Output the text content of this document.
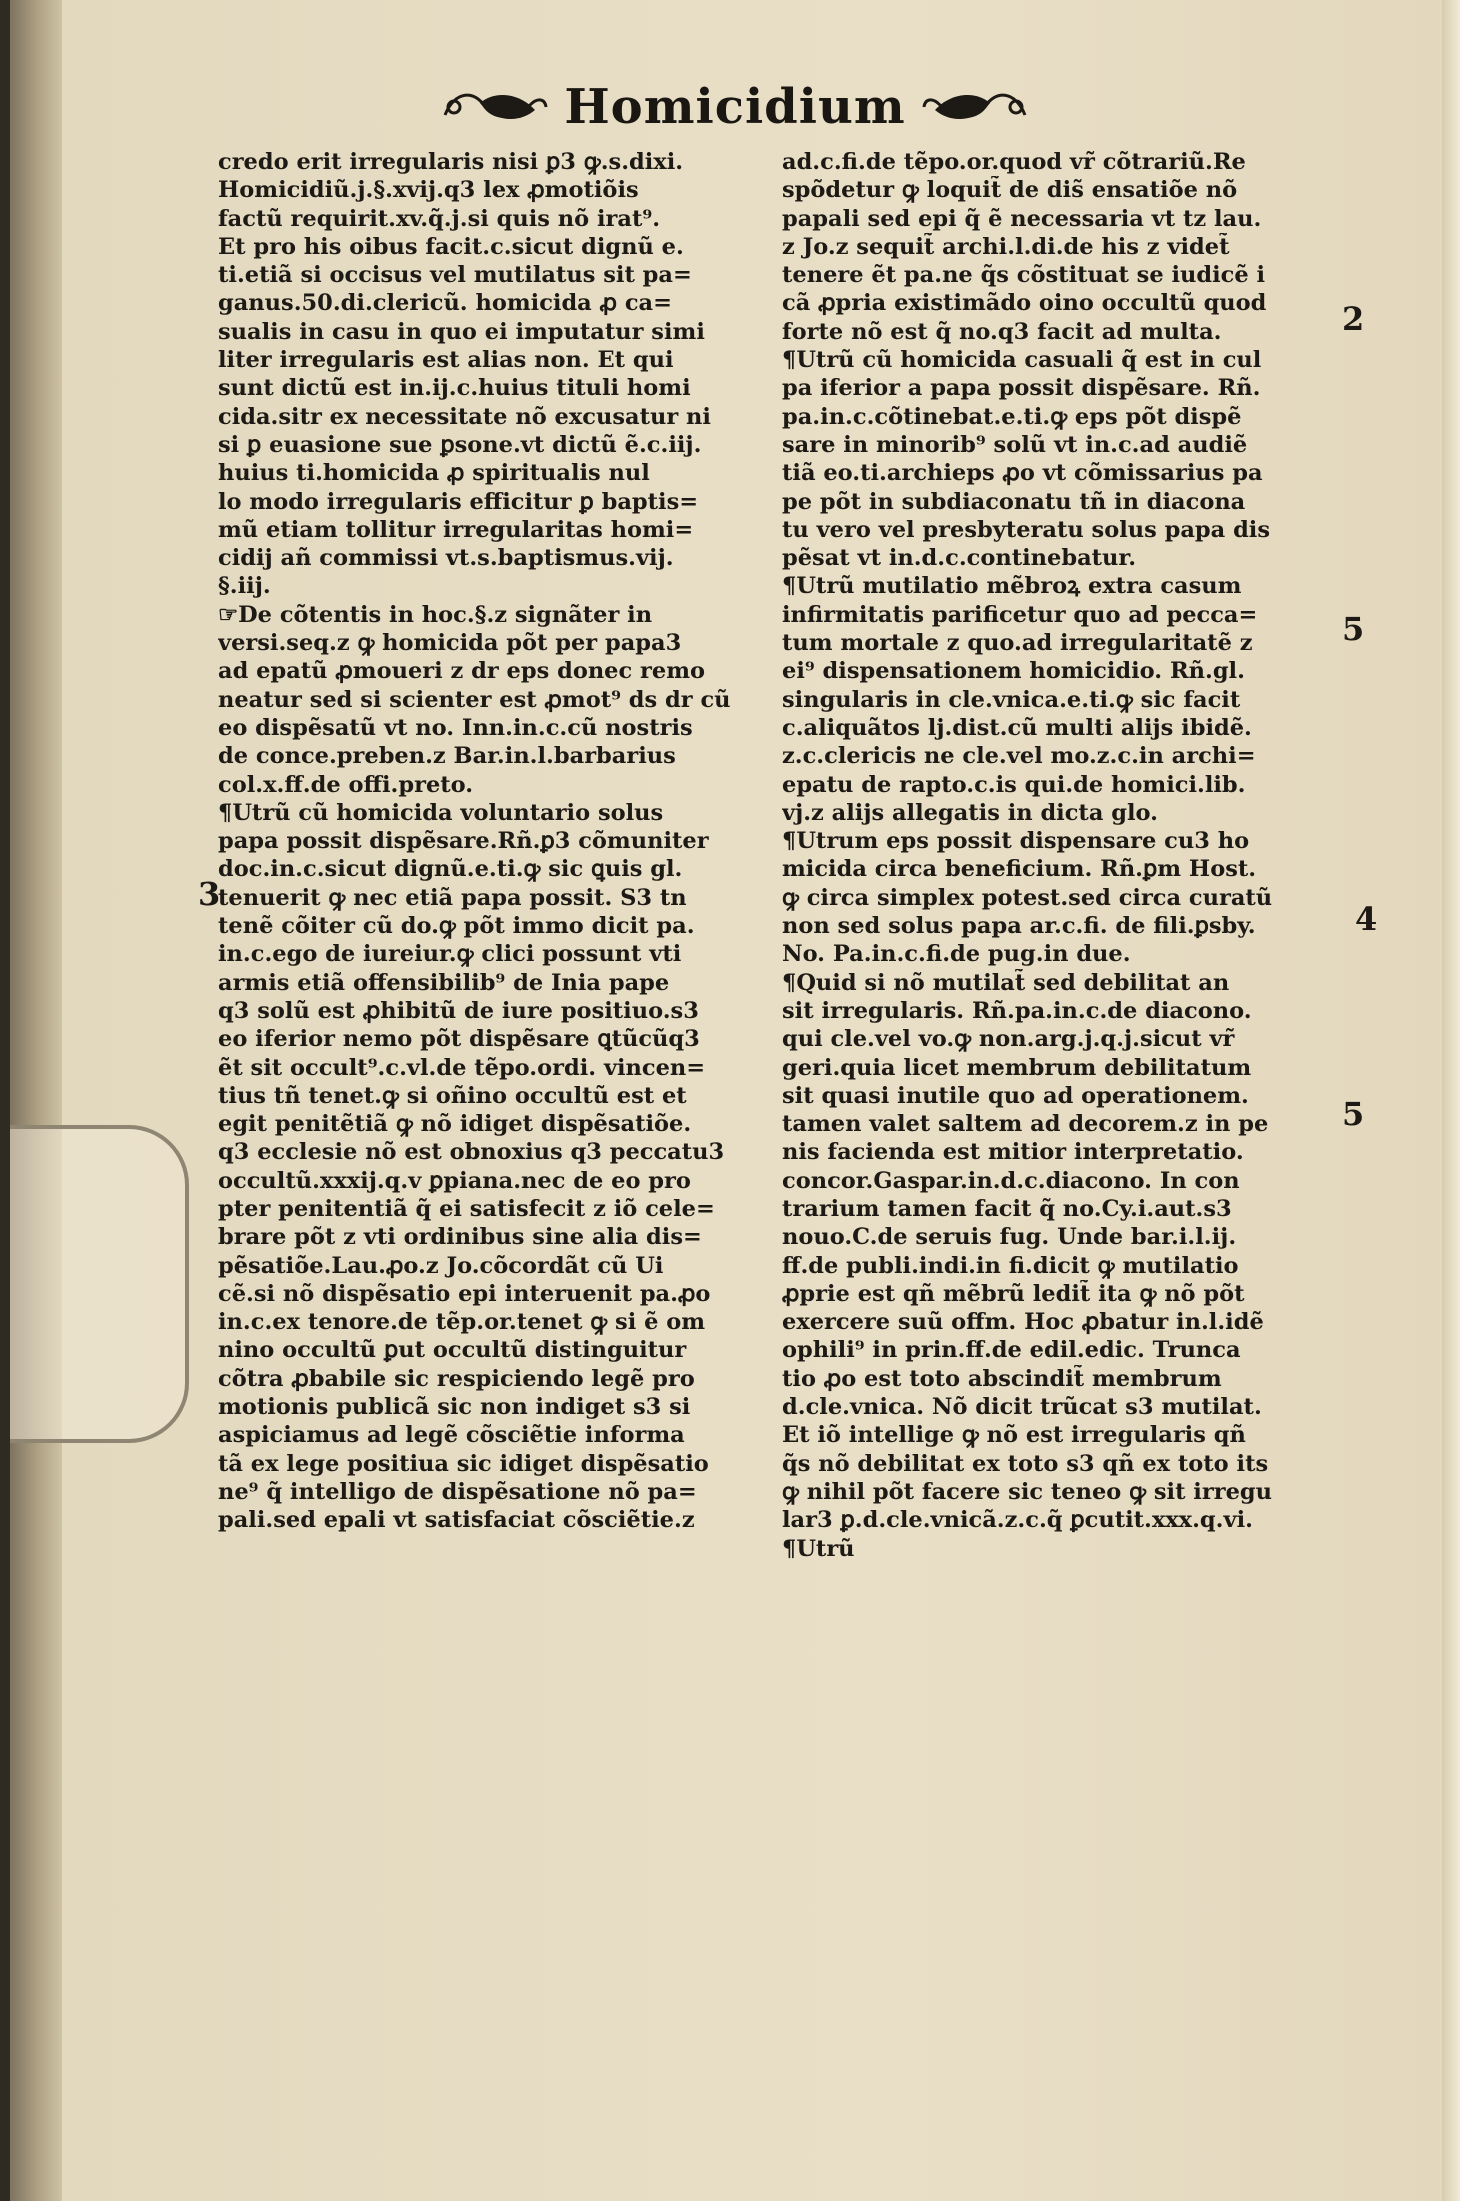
Homicidium
credo erit irregularis nisi ꝑ3 ꝙ.s.dixi.
Homicidiũ.j.§.xvij.q3 lex ꝓmotiõis
factũ requirit.xv.q̃.j.si quis nõ irat⁹.
Et pro his oibus facit.c.sicut dignũ e.
ti.etiã si occisus vel mutilatus sit pa=
ganus.50.di.clericũ. homicida ꝓ ca=
sualis in casu in quo ei imputatur simi
liter irregularis est alias non. Et qui
sunt dictũ est in.ij.c.huius tituli homi
cida.sitr ex necessitate nõ excusatur ni
si ꝑ euasione sue ꝑsone.vt dictũ ẽ.c.iij.
huius ti.homicida ꝓ spiritualis nul
lo modo irregularis efficitur ꝑ baptis=
mũ etiam tollitur irregularitas homi=
cidij añ commissi vt.s.baptismus.vij.
§.iij.
☞De cõtentis in hoc.§.z signãter in
versi.seq.z ꝙ homicida põt per papa3
ad epatũ ꝓmoueri z dr eps donec remo
neatur sed si scienter est ꝓmot⁹ ds dr cũ
eo dispẽsatũ vt no. Inn.in.c.cũ nostris
de conce.preben.z Bar.in.l.barbarius
col.x.ff.de offi.preto.
¶Utrũ cũ homicida voluntario solus
papa possit dispẽsare.Rñ.ꝑ3 cõmuniter
doc.in.c.sicut dignũ.e.ti.ꝙ sic ꝗuis gl.
tenuerit ꝙ nec etiã papa possit. S3 tn
tenẽ cõiter cũ do.ꝙ põt immo dicit pa.
in.c.ego de iureiur.ꝙ clici possunt vti
armis etiã offensibilib⁹ de Inia pape
q3 solũ est ꝓhibitũ de iure positiuo.s3
eo iferior nemo põt dispẽsare ꝗtũcũq3
ẽt sit occult⁹.c.vl.de tẽpo.ordi. vincen=
tius tñ tenet.ꝙ si oñino occultũ est et
egit penitẽtiã ꝙ nõ idiget dispẽsatiõe.
q3 ecclesie nõ est obnoxius q3 peccatu3
occultũ.xxxij.q.v ꝑpiana.nec de eo pro
pter penitentiã q̃ ei satisfecit z iõ cele=
brare põt z vti ordinibus sine alia dis=
pẽsatiõe.Lau.ꝓo.z Jo.cõcordãt cũ Ui
cẽ.si nõ dispẽsatio epi interuenit pa.ꝓo
in.c.ex tenore.de tẽp.or.tenet ꝙ si ẽ om
nino occultũ ꝑut occultũ distinguitur
cõtra ꝓbabile sic respiciendo legẽ pro
motionis publicã sic non indiget s3 si
aspiciamus ad legẽ cõsciẽtie informa
tã ex lege positiua sic idiget dispẽsatio
ne⁹ q̃ intelligo de dispẽsatione nõ pa=
pali.sed epali vt satisfaciat cõsciẽtie.z
ad.c.fi.de tẽpo.or.quod vr̃ cõtrariũ.Re
spõdetur ꝙ loquit̃ de dis̃ ensatiõe nõ
papali sed epi q̃ ẽ necessaria vt tz lau.
z Jo.z sequit̃ archi.l.di.de his z videt̃
tenere ẽt pa.ne q̃s cõstituat se iudicẽ i
cã ꝓpria existimãdo oino occultũ quod
forte nõ est q̃ no.q3 facit ad multa.
¶Utrũ cũ homicida casuali q̃ est in cul
pa iferior a papa possit dispẽsare. Rñ.
pa.in.c.cõtinebat.e.ti.ꝙ eps põt dispẽ
sare in minorib⁹ solũ vt in.c.ad audiẽ
tiã eo.ti.archieps ꝓo vt cõmissarius pa
pe põt in subdiaconatu tñ in diacona
tu vero vel presbyteratu solus papa dis
pẽsat vt in.d.c.continebatur.
¶Utrũ mutilatio mẽbroꝝ extra casum
infirmitatis parificetur quo ad pecca=
tum mortale z quo.ad irregularitatẽ z
ei⁹ dispensationem homicidio. Rñ.gl.
singularis in cle.vnica.e.ti.ꝙ sic facit
c.aliquãtos lj.dist.cũ multi alijs ibidẽ.
z.c.clericis ne cle.vel mo.z.c.in archi=
epatu de rapto.c.is qui.de homici.lib.
vj.z alijs allegatis in dicta glo.
¶Utrum eps possit dispensare cu3 ho
micida circa beneficium. Rñ.ꝑm Host.
ꝙ circa simplex potest.sed circa curatũ
non sed solus papa ar.c.fi. de fili.ꝑsby.
No. Pa.in.c.fi.de pug.in due.
¶Quid si nõ mutilat̃ sed debilitat an
sit irregularis. Rñ.pa.in.c.de diacono.
qui cle.vel vo.ꝙ non.arg.j.q.j.sicut vr̃
geri.quia licet membrum debilitatum
sit quasi inutile quo ad operationem.
tamen valet saltem ad decorem.z in pe
nis facienda est mitior interpretatio.
concor.Gaspar.in.d.c.diacono. In con
trarium tamen facit q̃ no.Cy.i.aut.s3
nouo.C.de seruis fug. Unde bar.i.l.ij.
ff.de publi.indi.in fi.dicit ꝙ mutilatio
ꝓprie est qñ mẽbrũ ledit̃ ita ꝙ nõ põt
exercere suũ offm. Hoc ꝓbatur in.l.idẽ
ophili⁹ in prin.ff.de edil.edic. Trunca
tio ꝓo est toto abscindit̃ membrum
d.cle.vnica. Nõ dicit trũcat s3 mutilat.
Et iõ intellige ꝙ nõ est irregularis qñ
q̃s nõ debilitat ex toto s3 qñ ex toto its
ꝙ nihil põt facere sic teneo ꝙ sit irregu
lar3 ꝑ.d.cle.vnicã.z.c.q̃ ꝑcutit.xxx.q.vi.
¶Utrũ
2
5
4
5
3
